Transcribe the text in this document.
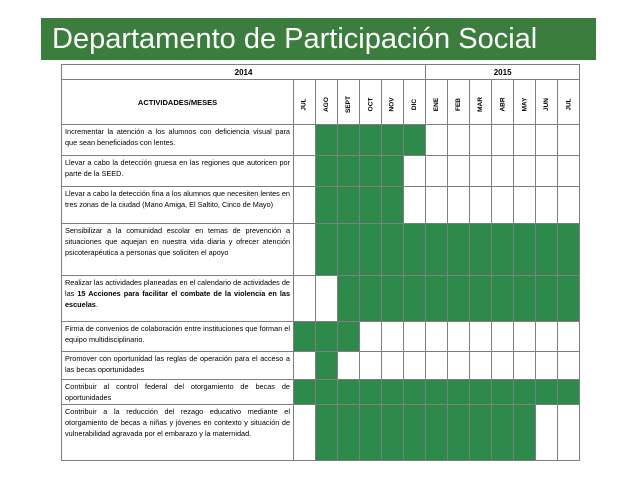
Departamento de Participación Social
2014							2015						
ACTIVIDADES/MESES	JUL	AGO	SEPT	OCT	NOV	DIC	ENE	FEB	MAR	ABR	MAY	JUN	JUL
Incrementar la atención a los alumnos con deficiencia visual para que sean beneficiados con lentes.													
Llevar a cabo la detección gruesa en las regiones que autoricen por parte de la SEED.													
Llevar a cabo la detección fina a los alumnos que necesiten lentes en tres zonas de la ciudad (Mano Amiga, El Saltito, Cinco de Mayo)													
Sensibilizar a la comunidad escolar en temas de prevención a situaciones que aquejan en nuestra vida diaria y ofrecer atención psicoterapéutica a personas que soliciten el apoyo													
Realizar las actividades planeadas en el calendario de actividades de las 15 Acciones para facilitar el combate de la violencia en las escuelas.													
Firma de convenios de colaboración entre instituciones que forman el equipo multidisciplinario.													
Promover con oportunidad las reglas de operación para el acceso a las becas oportunidades													
Contribuir al control federal del otorgamiento de becas de oportunidades													
Contribuir a la reducción del rezago educativo mediante el otorgamiento de becas a niñas y jóvenes en contexto y situación de vulnerabilidad agravada por el embarazo y la maternidad.													
